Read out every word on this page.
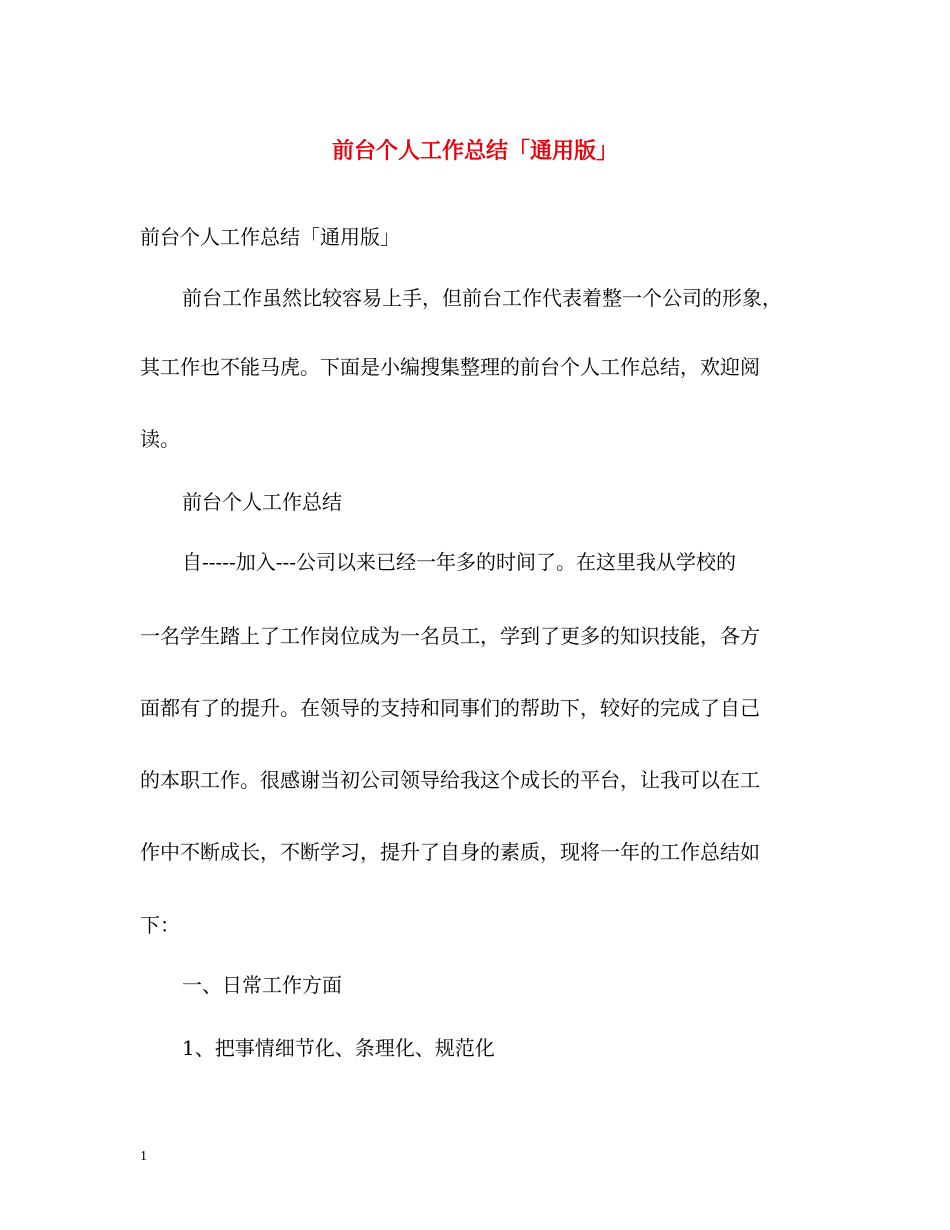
前台个人工作总结「通用版」
前台个人工作总结「通用版」
前台工作虽然比较容易上手，但前台工作代表着整一个公司的形象，
其工作也不能马虎。下面是小编搜集整理的前台个人工作总结，欢迎阅
读。
前台个人工作总结
自-----加入---公司以来已经一年多的时间了。在这里我从学校的
一名学生踏上了工作岗位成为一名员工，学到了更多的知识技能，各方
面都有了的提升。在领导的支持和同事们的帮助下，较好的完成了自己
的本职工作。很感谢当初公司领导给我这个成长的平台，让我可以在工
作中不断成长，不断学习，提升了自身的素质，现将一年的工作总结如
下：
一、日常工作方面
1、把事情细节化、条理化、规范化
1
